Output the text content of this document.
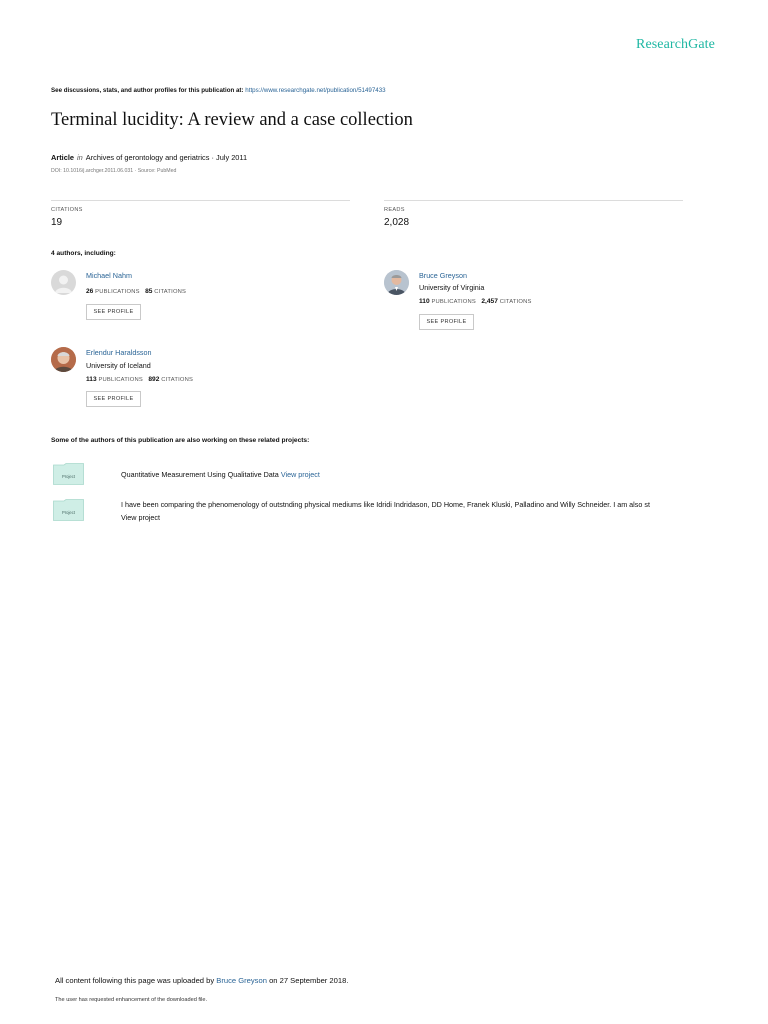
ResearchGate
See discussions, stats, and author profiles for this publication at: https://www.researchgate.net/publication/51497433
Terminal lucidity: A review and a case collection
Article in Archives of gerontology and geriatrics · July 2011
DOI: 10.1016/j.archger.2011.06.031 · Source: PubMed
CITATIONS
19
READS
2,028
4 authors, including:
Michael Nahm
26 PUBLICATIONS 85 CITATIONS
SEE PROFILE
Bruce Greyson
University of Virginia
110 PUBLICATIONS 2,457 CITATIONS
SEE PROFILE
Erlendur Haraldsson
University of Iceland
113 PUBLICATIONS 892 CITATIONS
SEE PROFILE
Some of the authors of this publication are also working on these related projects:
Project	Quantitative Measurement Using Qualitative Data View project
Project
I have been comparing the phenomenology of outstnding physical mediums like Idridi Indridason, DD Home, Franek Kluski, Palladino and Willy Schneider. I am also st
View project
All content following this page was uploaded by Bruce Greyson on 27 September 2018.
The user has requested enhancement of the downloaded file.
